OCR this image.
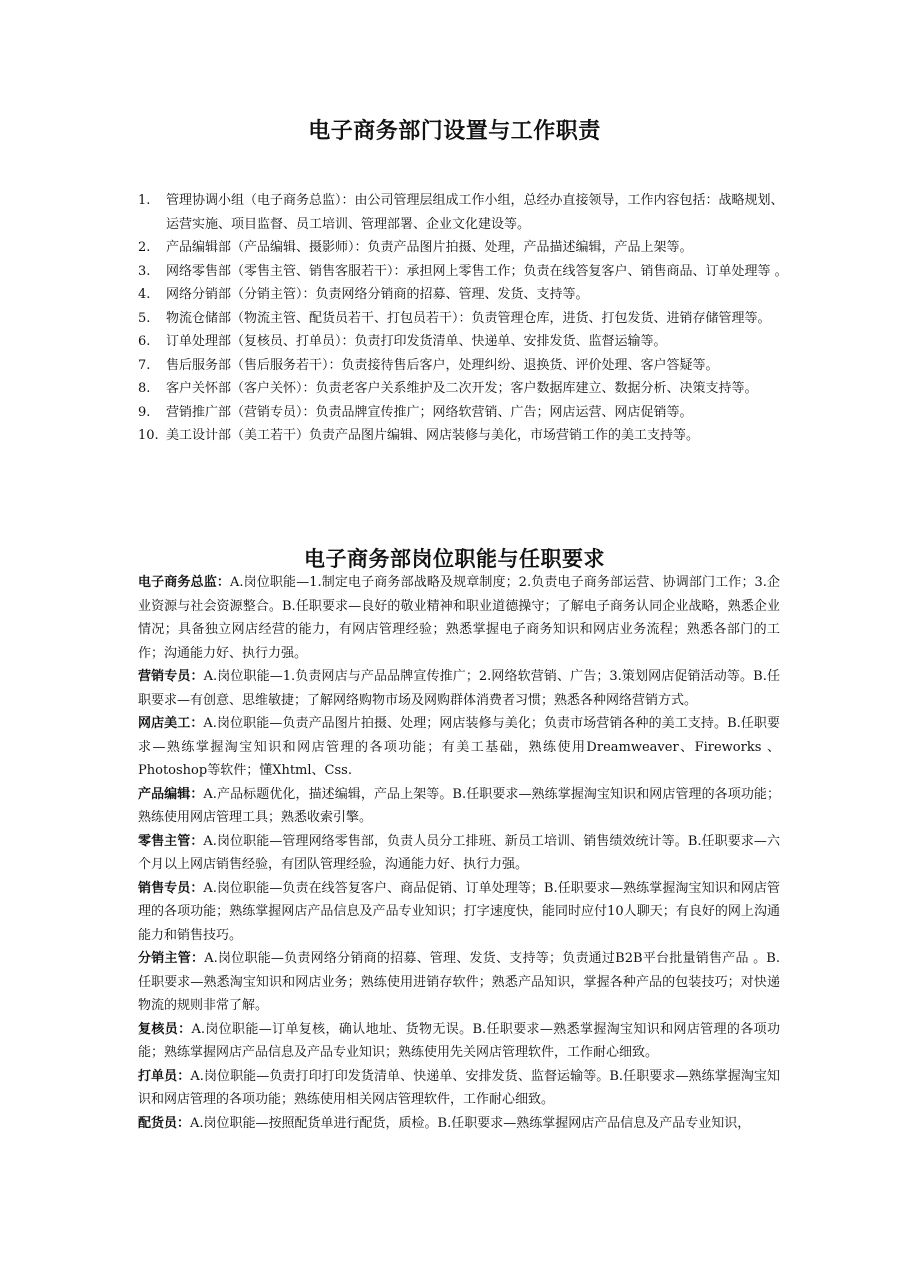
电子商务部门设置与工作职责
1.	管理协调小组（电子商务总监）：由公司管理层组成工作小组，总经办直接领导，工作内容包括：战略规划、运营实施、项目监督、员工培训、管理部署、企业文化建设等。
2.	产品编辑部（产品编辑、摄影师）：负责产品图片拍摄、处理，产品描述编辑，产品上架等。
3.	网络零售部（零售主管、销售客服若干）：承担网上零售工作；负责在线答复客户、销售商品、订单处理等 。
4.	网络分销部（分销主管）：负责网络分销商的招募、管理、发货、支持等。
5.	物流仓储部（物流主管、配货员若干、打包员若干）：负责管理仓库，进货、打包发货、进销存储管理等。
6.	订单处理部（复核员、打单员）：负责打印发货清单、快递单、安排发货、监督运输等。
7.	售后服务部（售后服务若干）：负责接待售后客户，处理纠纷、退换货、评价处理、客户答疑等。
8.	客户关怀部（客户关怀）：负责老客户关系维护及二次开发；客户数据库建立、数据分析、决策支持等。
9.	营销推广部（营销专员）：负责品牌宣传推广；网络软营销、广告；网店运营、网店促销等。
10. 美工设计部（美工若干）负责产品图片编辑、网店装修与美化，市场营销工作的美工支持等。
电子商务部岗位职能与任职要求

电子商务总监：A.岗位职能—1.制定电子商务部战略及规章制度；2.负责电子商务部运营、协调部门工作；3.企业资源与社会资源整合。B.任职要求—良好的敬业精神和职业道德操守；了解电子商务认同企业战略，熟悉企业情况；具备独立网店经营的能力，有网店管理经验；熟悉掌握电子商务知识和网店业务流程；熟悉各部门的工作；沟通能力好、执行力强。

营销专员：A.岗位职能—1.负责网店与产品品牌宣传推广；2.网络软营销、广告；3.策划网店促销活动等。B.任职要求—有创意、思维敏捷；了解网络购物市场及网购群体消费者习惯；熟悉各种网络营销方式。

网店美工：A.岗位职能—负责产品图片拍摄、处理；网店装修与美化；负责市场营销各种的美工支持。B.任职要求—熟练掌握淘宝知识和网店管理的各项功能；有美工基础，熟练使用Dreamweaver、Fireworks 、Photoshop等软件；懂Xhtml、Css.

产品编辑：A.产品标题优化，描述编辑，产品上架等。B.任职要求—熟练掌握淘宝知识和网店管理的各项功能；熟练使用网店管理工具；熟悉收索引擎。

零售主管：A.岗位职能—管理网络零售部，负责人员分工排班、新员工培训、销售绩效统计等。B.任职要求—六个月以上网店销售经验，有团队管理经验，沟通能力好、执行力强。

销售专员：A.岗位职能—负责在线答复客户、商品促销、订单处理等；B.任职要求—熟练掌握淘宝知识和网店管理的各项功能；熟练掌握网店产品信息及产品专业知识；打字速度快，能同时应付10人聊天；有良好的网上沟通能力和销售技巧。

分销主管：A.岗位职能—负责网络分销商的招募、管理、发货、支持等；负责通过B2B平台批量销售产品 。B.任职要求—熟悉淘宝知识和网店业务；熟练使用进销存软件；熟悉产品知识，掌握各种产品的包装技巧；对快递物流的规则非常了解。

复核员：A.岗位职能—订单复核，确认地址、货物无误。B.任职要求—熟悉掌握淘宝知识和网店管理的各项功能；熟练掌握网店产品信息及产品专业知识；熟练使用先关网店管理软件，工作耐心细致。

打单员：A.岗位职能—负责打印打印发货清单、快递单、安排发货、监督运输等。B.任职要求—熟练掌握淘宝知识和网店管理的各项功能；熟练使用相关网店管理软件，工作耐心细致。

配货员：A.岗位职能—按照配货单进行配货，质检。B.任职要求—熟练掌握网店产品信息及产品专业知识，
